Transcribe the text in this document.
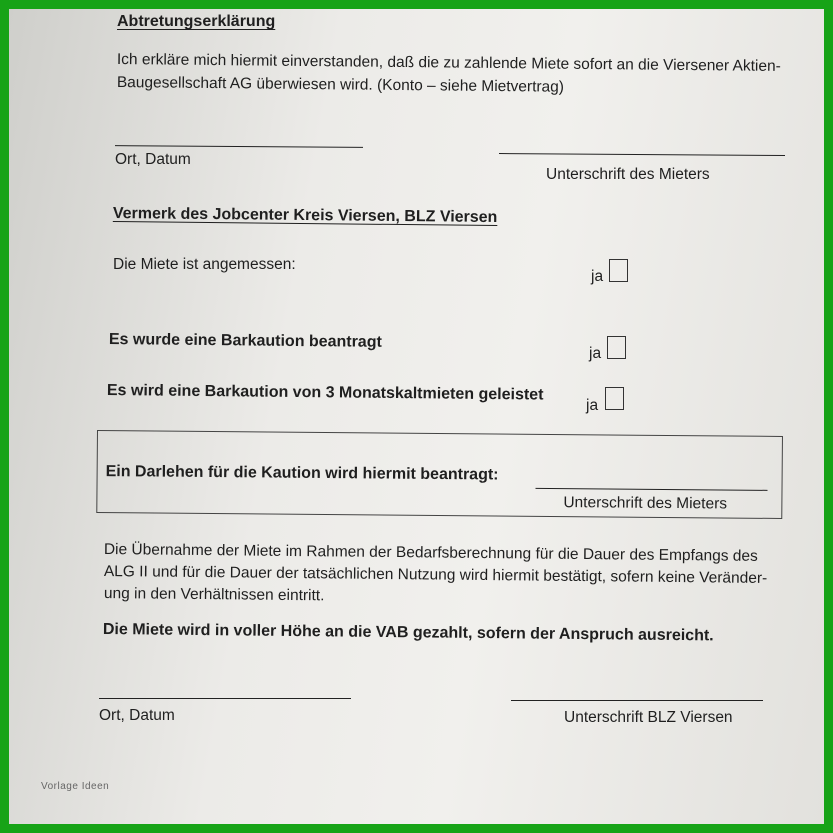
Abtretungserklärung
Ich erkläre mich hiermit einverstanden, daß die zu zahlende Miete sofort an die Viersener Aktien-
Baugesellschaft AG überwiesen wird. (Konto – siehe Mietvertrag)
Ort, Datum
Unterschrift des Mieters
Vermerk des Jobcenter Kreis Viersen, BLZ Viersen
Die Miete ist angemessen:
ja
Es wurde eine Barkaution beantragt
ja
Es wird eine Barkaution von 3 Monatskaltmieten geleistet
ja
Ein Darlehen für die Kaution wird hiermit beantragt:
Unterschrift des Mieters
Die Übernahme der Miete im Rahmen der Bedarfsberechnung für die Dauer des Empfangs des
ALG II und für die Dauer der tatsächlichen Nutzung wird hiermit bestätigt, sofern keine Veränder-
ung in den Verhältnissen eintritt.
Die Miete wird in voller Höhe an die VAB gezahlt, sofern der Anspruch ausreicht.
Ort, Datum	Unterschrift BLZ Viersen
Vorlage Ideen
